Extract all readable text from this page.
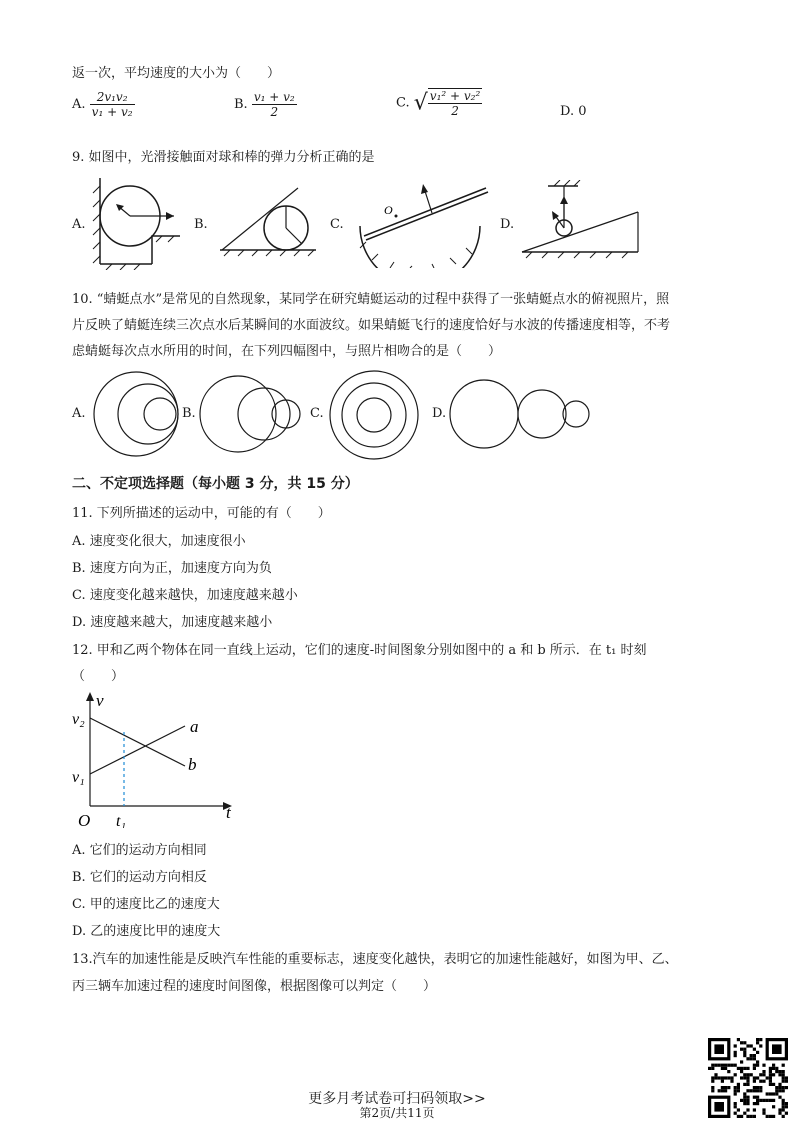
返一次，平均速度的大小为（　　）
A. $\frac{\text{2v₁v₂}}{\text{v₁ + v₂}}$	B. $\frac{\text{v₁ + v₂}}{2}$	C. √ $\frac{\text{v₁² + v₂²}}{2}$	D. 0
9. 如图中，光滑接触面对球和棒的弹力分析正确的是
A.	B.	C.
O
D.
10. “蜻蜓点水”是常见的自然现象，某同学在研究蜻蜓运动的过程中获得了一张蜻蜓点水的俯视照片，照
片反映了蜻蜓连续三次点水后某瞬间的水面波纹。如果蜻蜓飞行的速度恰好与水波的传播速度相等，不考
虑蜻蜓每次点水所用的时间，在下列四幅图中，与照片相吻合的是（　　）
A.	B.	C.	D.
二、不定项选择题（每小题 3 分，共 15 分）
11. 下列所描述的运动中，可能的有（　　）
A. 速度变化很大，加速度很小
B. 速度方向为正，加速度方向为负
C. 速度变化越来越快，加速度越来越小
D. 速度越来越大，加速度越来越小
12. 甲和乙两个物体在同一直线上运动，它们的速度-时间图象分别如图中的 a 和 b 所示．在 t₁ 时刻
（　　）
v
t
O
v₂
v₁
t₁
a
b
A. 它们的运动方向相同
B. 它们的运动方向相反
C. 甲的速度比乙的速度大
D. 乙的速度比甲的速度大
13.汽车的加速性能是反映汽车性能的重要标志，速度变化越快，表明它的加速性能越好，如图为甲、乙、
丙三辆车加速过程的速度时间图像，根据图像可以判定（　　）
更多月考试卷可扫码领取>>
第2页/共11页
